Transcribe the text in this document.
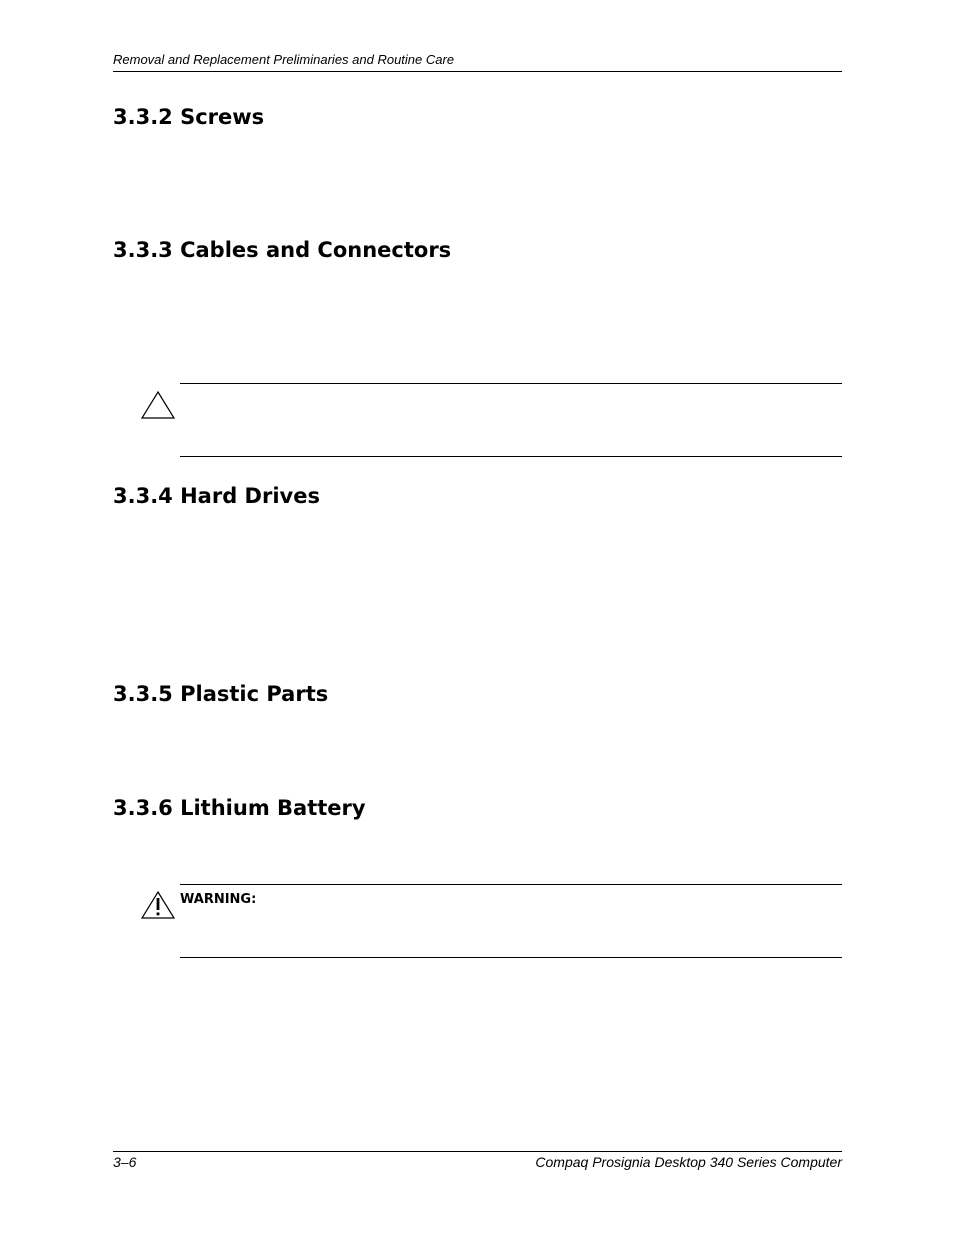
Removal and Replacement Preliminaries and Routine Care
3.3.2 Screws
3.3.3 Cables and Connectors
3.3.4 Hard Drives
3.3.5 Plastic Parts
3.3.6 Lithium Battery
WARNING:
3–6	Compaq Prosignia Desktop 340 Series Computer
